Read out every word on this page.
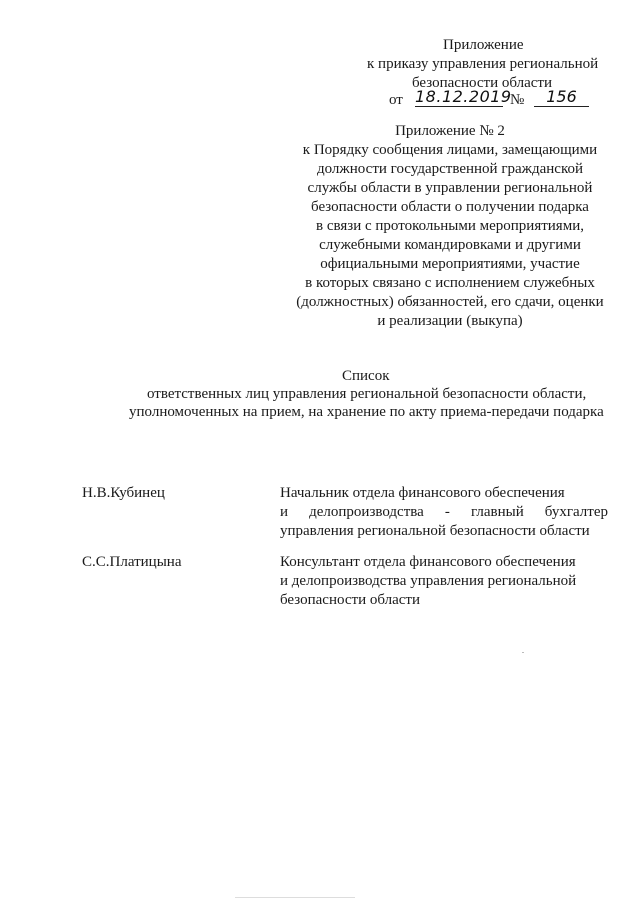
Приложение
к приказу управления региональной
безопасности области
от 18.12.2019
№	156
Приложение № 2
к Порядку сообщения лицами, замещающими
должности государственной гражданской
службы области в управлении региональной
безопасности области о получении подарка
в связи с протокольными мероприятиями,
служебными командировками и другими
официальными мероприятиями, участие
в которых связано с исполнением служебных
(должностных) обязанностей, его сдачи, оценки
и реализации (выкупа)
Список
ответственных лиц управления региональной безопасности области,
уполномоченных на прием, на хранение по акту приема-передачи подарка
Н.В.Кубинец	Начальник отдела финансового обеспечения
и делопроизводства - главный бухгалтер
управления региональной безопасности области
С.С.Платицына	Консультант отдела финансового обеспечения
и делопроизводства управления региональной
безопасности области
